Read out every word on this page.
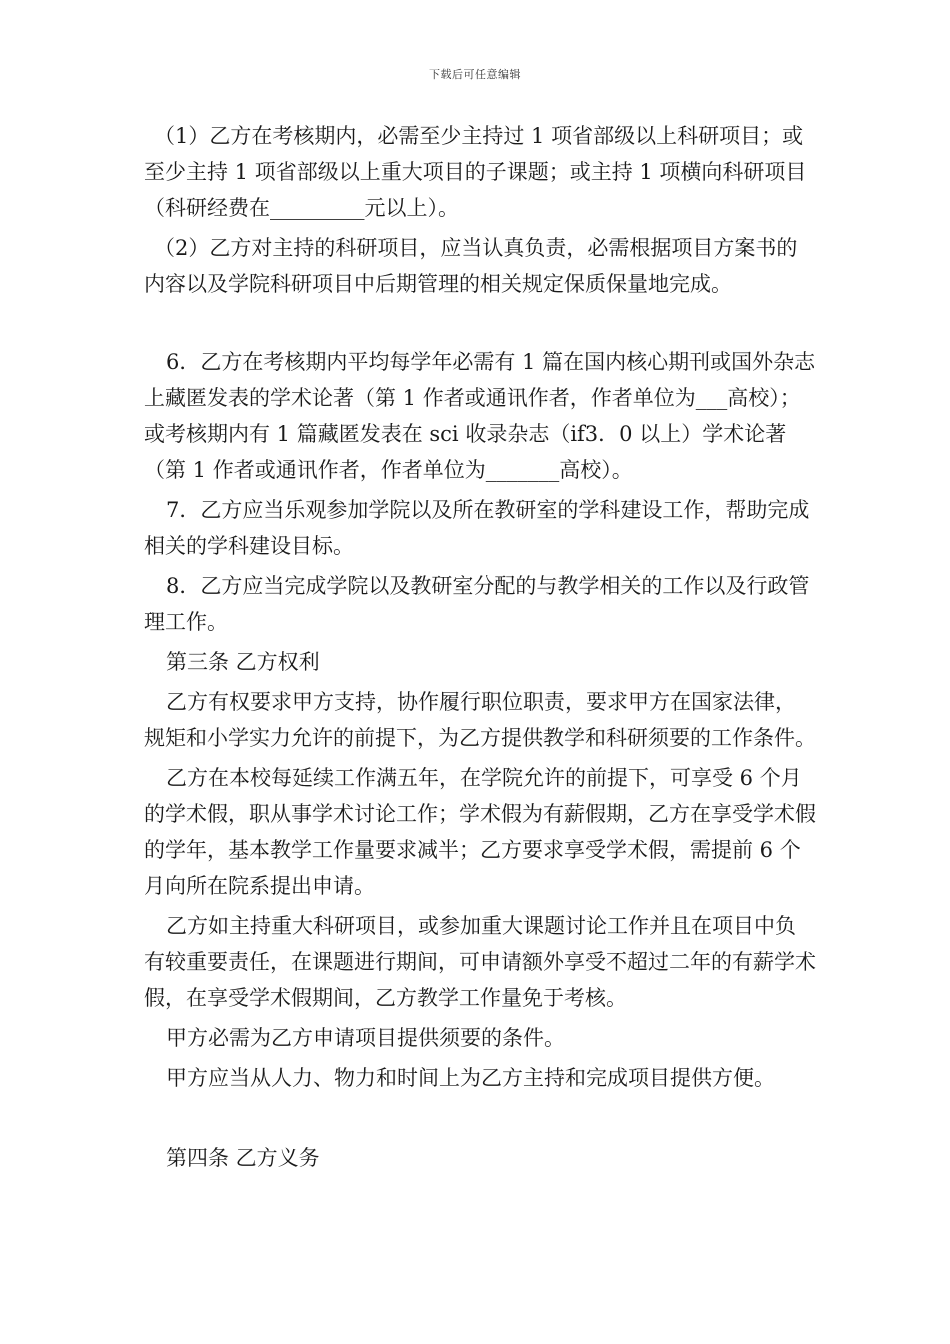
下载后可任意编辑

（1）乙方在考核期内，必需至少主持过 1 项省部级以上科研项目；或至少主持 1 项省部级以上重大项目的子课题；或主持 1 项横向科研项目（科研经费在_________元以上）。

（2）乙方对主持的科研项目，应当认真负责，必需根据项目方案书的内容以及学院科研项目中后期管理的相关规定保质保量地完成。

6．乙方在考核期内平均每学年必需有 1 篇在国内核心期刊或国外杂志上藏匿发表的学术论著（第 1 作者或通讯作者，作者单位为___高校）；或考核期内有 1 篇藏匿发表在 sci 收录杂志（if3．0 以上）学术论著（第 1 作者或通讯作者，作者单位为_______高校）。

7．乙方应当乐观参加学院以及所在教研室的学科建设工作，帮助完成相关的学科建设目标。

8．乙方应当完成学院以及教研室分配的与教学相关的工作以及行政管理工作。

第三条 乙方权利

乙方有权要求甲方支持，协作履行职位职责，要求甲方在国家法律，规矩和小学实力允许的前提下，为乙方提供教学和科研须要的工作条件。

乙方在本校每延续工作满五年，在学院允许的前提下，可享受 6 个月的学术假，职从事学术讨论工作；学术假为有薪假期，乙方在享受学术假的学年，基本教学工作量要求减半；乙方要求享受学术假，需提前 6 个月向所在院系提出申请。

乙方如主持重大科研项目，或参加重大课题讨论工作并且在项目中负有较重要责任，在课题进行期间，可申请额外享受不超过二年的有薪学术假，在享受学术假期间，乙方教学工作量免于考核。

甲方必需为乙方申请项目提供须要的条件。

甲方应当从人力、物力和时间上为乙方主持和完成项目提供方便。

第四条 乙方义务
